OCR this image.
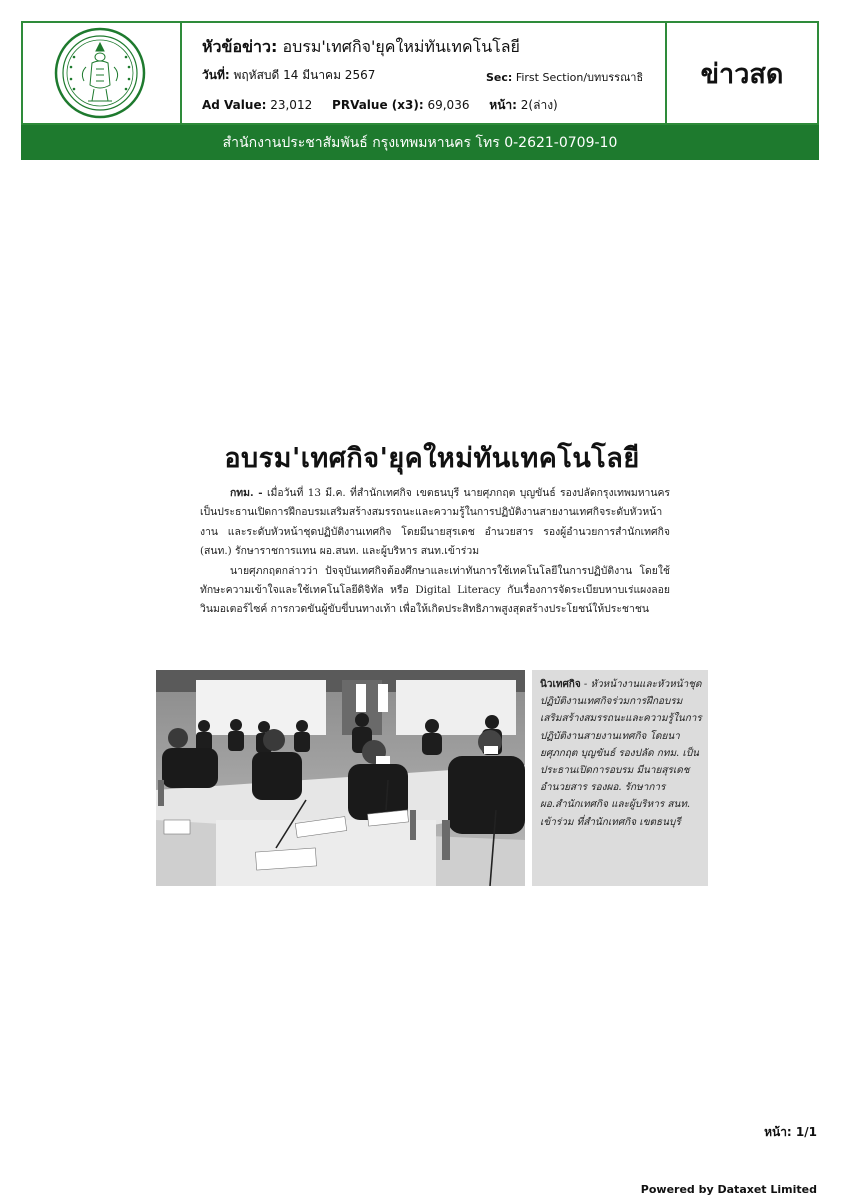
หัวข้อข่าว: อบรม'เทศกิจ'ยุคใหม่ทันเทคโนโลยี
วันที่: พฤหัสบดี 14 มีนาคม 2567	Sec: First Section/บทบรรณาธิ
Ad Value: 23,012 PRValue (x3): 69,036 หน้า: 2(ล่าง)
ข่าวสด
สำนักงานประชาสัมพันธ์ กรุงเทพมหานคร โทร 0-2621-0709-10
อบรม'เทศกิจ'ยุคใหม่ทันเทคโนโลยี

กทม. - เมื่อวันที่ 13 มี.ค. ที่สำนักเทศกิจ เขตธนบุรี นายศุภกฤต บุญขันธ์ รองปลัดกรุงเทพมหานคร เป็นประธานเปิดการฝึกอบรมเสริมสร้างสมรรถนะและความรู้ในการปฏิบัติงานสายงานเทศกิจระดับหัวหน้างาน และระดับหัวหน้าชุดปฏิบัติงานเทศกิจ โดยมีนายสุรเดช อำนวยสาร รองผู้อำนวยการสำนักเทศกิจ (สนท.) รักษาราชการแทน ผอ.สนท. และผู้บริหาร สนท.เข้าร่วม

นายศุภกฤตกล่าวว่า ปัจจุบันเทศกิจต้องศึกษาและเท่าทันการใช้เทคโนโลยีในการปฏิบัติงาน โดยใช้ทักษะความเข้าใจและใช้เทคโนโลยีดิจิทัล หรือ Digital Literacy กับเรื่องการจัดระเบียบหาบเร่แผงลอย วินมอเตอร์ไซค์ การกวดขันผู้ขับขี่บนทางเท้า เพื่อให้เกิดประสิทธิภาพสูงสุดสร้างประโยชน์ให้ประชาชน

นิวเทศกิจ - หัวหน้างานและหัวหน้าชุดปฏิบัติงานเทศกิจร่วมการฝึกอบรมเสริมสร้างสมรรถนะและความรู้ในการปฏิบัติงานสายงานเทศกิจ โดยนายศุภกฤต บุญขันธ์ รองปลัด กทม. เป็นประธานเปิดการอบรม มีนายสุรเดช อำนวยสาร รองผอ. รักษาการ ผอ.สำนักเทศกิจ และผู้บริหาร สนท. เข้าร่วม ที่สำนักเทศกิจ เขตธนบุรี
หน้า: 1/1
Powered by Dataxet Limited
